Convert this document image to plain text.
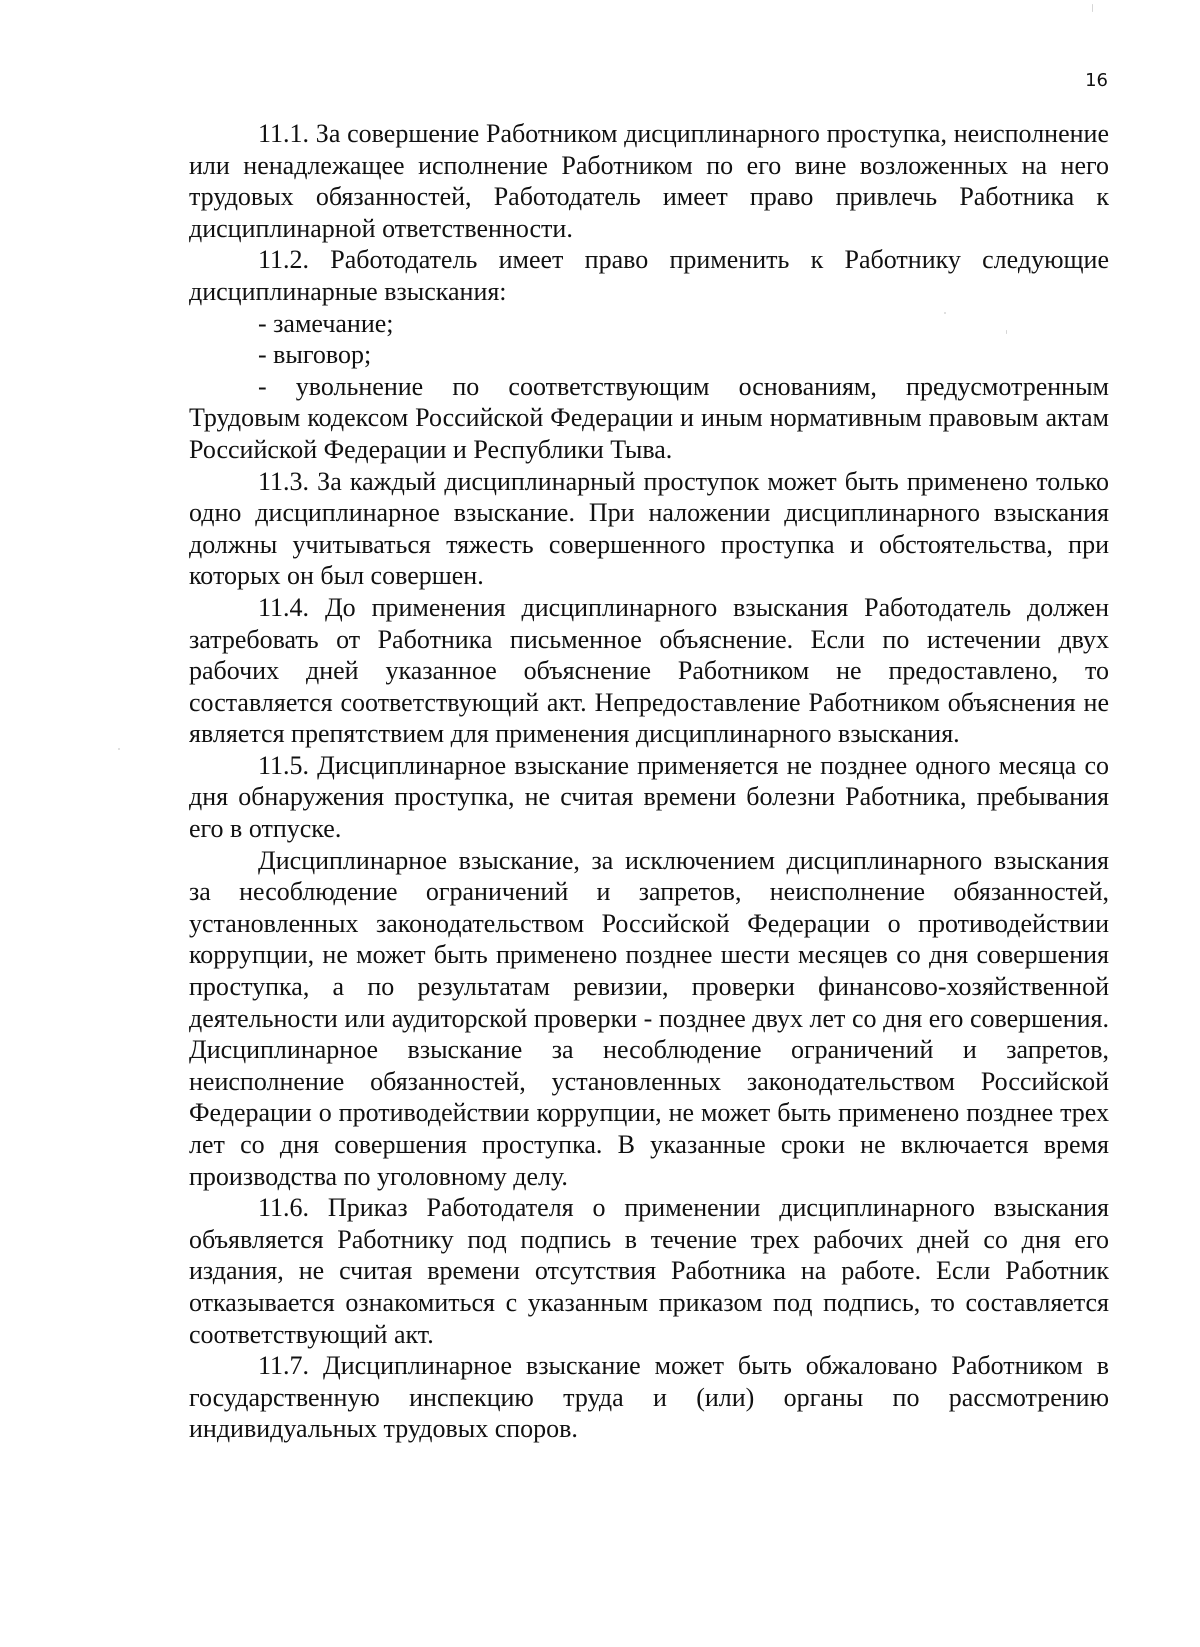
16

11.1. За совершение Работником дисциплинарного проступка, неисполнение или ненадлежащее исполнение Работником по его вине возложенных на него трудовых обязанностей, Работодатель имеет право привлечь Работника к дисциплинарной ответственности.

11.2. Работодатель имеет право применить к Работнику следующие дисциплинарные взыскания:

- замечание;

- выговор;

- увольнение по соответствующим основаниям, предусмотренным Трудовым кодексом Российской Федерации и иным нормативным правовым актам Российской Федерации и Республики Тыва.

11.3. За каждый дисциплинарный проступок может быть применено только одно дисциплинарное взыскание. При наложении дисциплинарного взыскания должны учитываться тяжесть совершенного проступка и обстоятельства, при которых он был совершен.

11.4. До применения дисциплинарного взыскания Работодатель должен затребовать от Работника письменное объяснение. Если по истечении двух рабочих дней указанное объяснение Работником не предоставлено, то составляется соответствующий акт. Непредоставление Работником объяснения не является препятствием для применения дисциплинарного взыскания.

11.5. Дисциплинарное взыскание применяется не позднее одного месяца со дня обнаружения проступка, не считая времени болезни Работника, пребывания его в отпуске.

Дисциплинарное взыскание, за исключением дисциплинарного взыскания за несоблюдение ограничений и запретов, неисполнение обязанностей, установленных законодательством Российской Федерации о противодействии коррупции, не может быть применено позднее шести месяцев со дня совершения проступка, а по результатам ревизии, проверки финансово-хозяйственной деятельности или аудиторской проверки - позднее двух лет со дня его совершения. Дисциплинарное взыскание за несоблюдение ограничений и запретов, неисполнение обязанностей, установленных законодательством Российской Федерации о противодействии коррупции, не может быть применено позднее трех лет со дня совершения проступка. В указанные сроки не включается время производства по уголовному делу.

11.6. Приказ Работодателя о применении дисциплинарного взыскания объявляется Работнику под подпись в течение трех рабочих дней со дня его издания, не считая времени отсутствия Работника на работе. Если Работник отказывается ознакомиться с указанным приказом под подпись, то составляется соответствующий акт.

11.7. Дисциплинарное взыскание может быть обжаловано Работником в государственную инспекцию труда и (или) органы по рассмотрению индивидуальных трудовых споров.
